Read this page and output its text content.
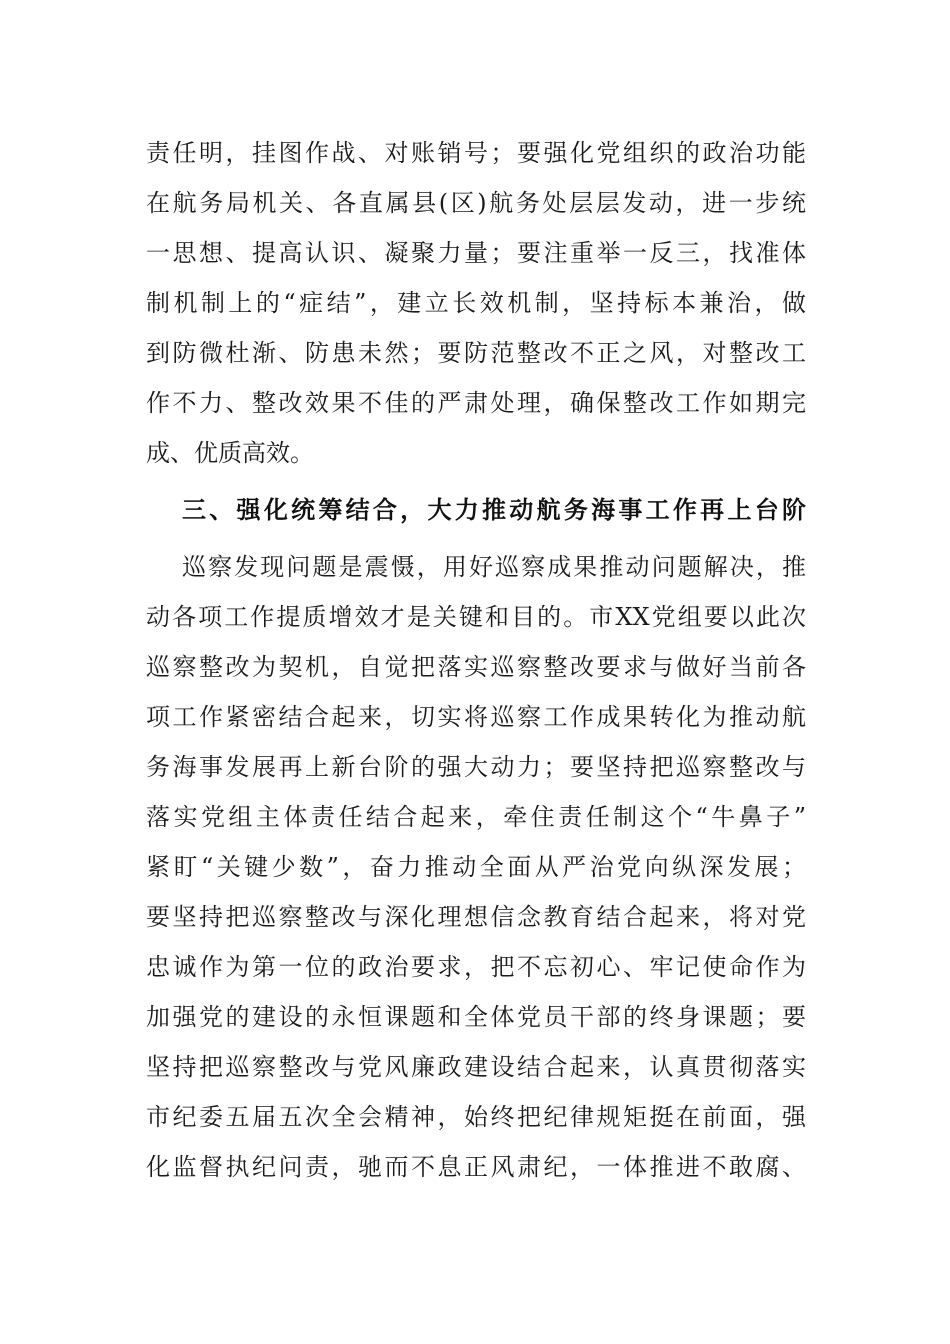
责任明，挂图作战、对账销号；要强化党组织的政治功能
在航务局机关、各直属县(区)航务处层层发动，进一步统
一思想、提高认识、凝聚力量；要注重举一反三，找准体
制机制上的“症结”，建立长效机制，坚持标本兼治，做
到防微杜渐、防患未然；要防范整改不正之风，对整改工
作不力、整改效果不佳的严肃处理，确保整改工作如期完
成、优质高效。
三、强化统筹结合，大力推动航务海事工作再上台阶
巡察发现问题是震慑，用好巡察成果推动问题解决，推
动各项工作提质增效才是关键和目的。市XX党组要以此次
巡察整改为契机，自觉把落实巡察整改要求与做好当前各
项工作紧密结合起来，切实将巡察工作成果转化为推动航
务海事发展再上新台阶的强大动力；要坚持把巡察整改与
落实党组主体责任结合起来，牵住责任制这个“牛鼻子”
紧盯“关键少数”，奋力推动全面从严治党向纵深发展；
要坚持把巡察整改与深化理想信念教育结合起来，将对党
忠诚作为第一位的政治要求，把不忘初心、牢记使命作为
加强党的建设的永恒课题和全体党员干部的终身课题；要
坚持把巡察整改与党风廉政建设结合起来，认真贯彻落实
市纪委五届五次全会精神，始终把纪律规矩挺在前面，强
化监督执纪问责，驰而不息正风肃纪，一体推进不敢腐、
